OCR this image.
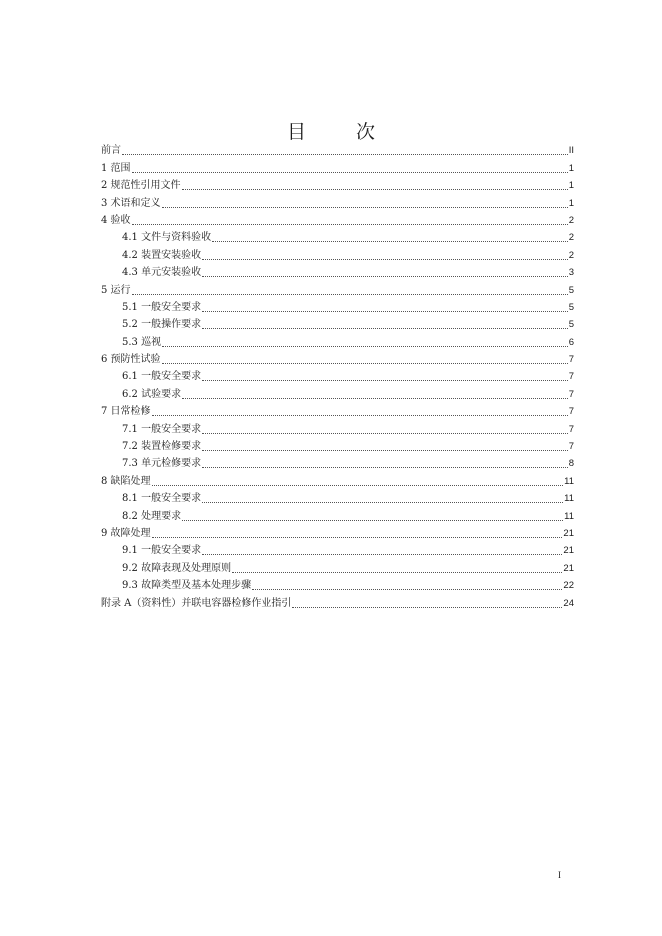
目 次
前言	II
1 范围	1
2 规范性引用文件	1
3 术语和定义	1
4 验收	2
4.1 文件与资料验收	2
4.2 装置安装验收	2
4.3 单元安装验收	3
5 运行	5
5.1 一般安全要求	5
5.2 一般操作要求	5
5.3 巡视	6
6 预防性试验	7
6.1 一般安全要求	7
6.2 试验要求	7
7 日常检修	7
7.1 一般安全要求	7
7.2 装置检修要求	7
7.3 单元检修要求	8
8 缺陷处理	11
8.1 一般安全要求	11
8.2 处理要求	11
9 故障处理	21
9.1 一般安全要求	21
9.2 故障表现及处理原则	21
9.3 故障类型及基本处理步骤	22
附录 A（资料性）并联电容器检修作业指引	24
I
